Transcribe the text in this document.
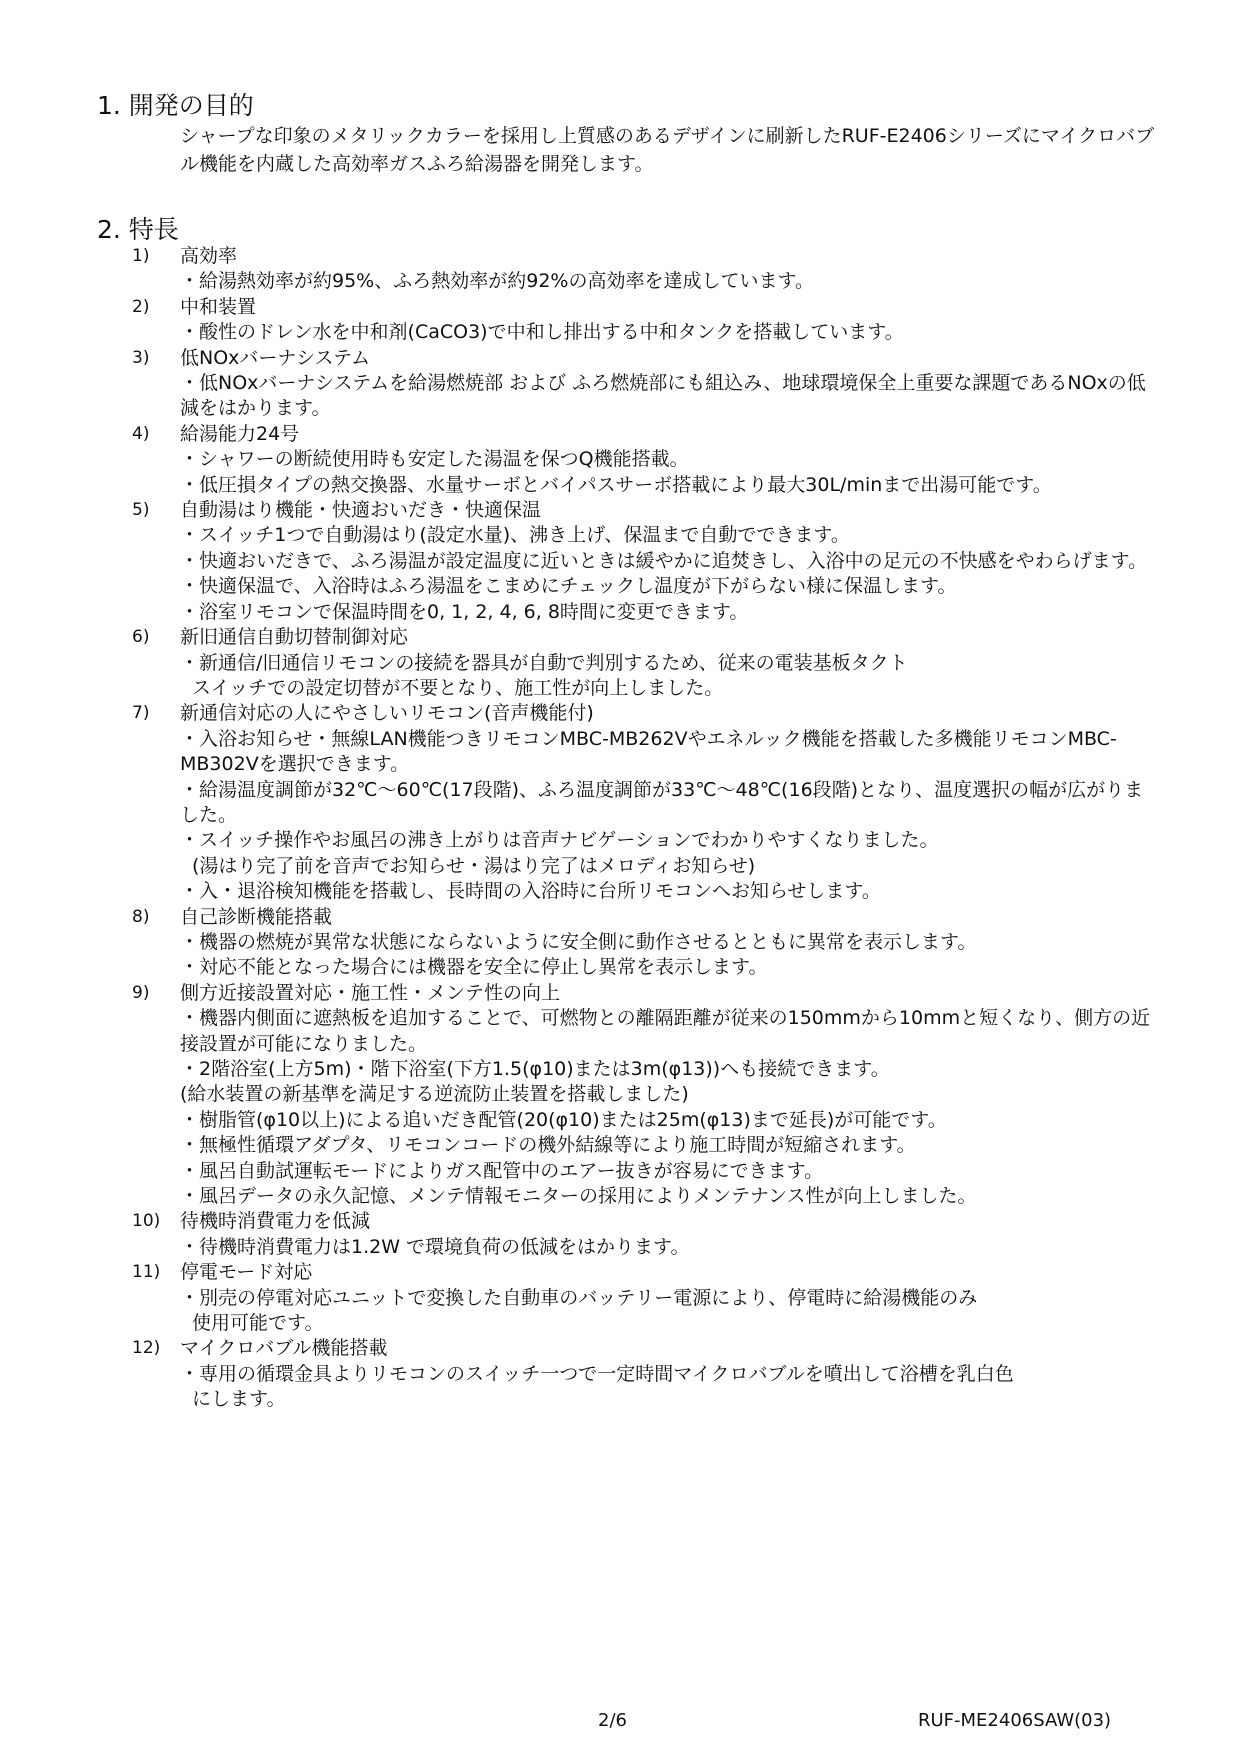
1. 開発の目的

シャープな印象のメタリックカラーを採用し上質感のあるデザインに刷新したRUF-E2406シリーズにマイクロバブル機能を内蔵した高効率ガスふろ給湯器を開発します。

2. 特長
1)	高効率
・給湯熱効率が約95%、ふろ熱効率が約92%の高効率を達成しています。
2)	中和装置
・酸性のドレン水を中和剤(CaCO3)で中和し排出する中和タンクを搭載しています。
3)	低NOxバーナシステム
・低NOxバーナシステムを給湯燃焼部 および ふろ燃焼部にも組込み、地球環境保全上重要な課題であるNOxの低減をはかります。
4)	給湯能力24号
・シャワーの断続使用時も安定した湯温を保つQ機能搭載。
・低圧損タイプの熱交換器、水量サーボとバイパスサーボ搭載により最大30L/minまで出湯可能です。
5)	自動湯はり機能・快適おいだき・快適保温
・スイッチ1つで自動湯はり(設定水量)、沸き上げ、保温まで自動でできます。
・快適おいだきで、ふろ湯温が設定温度に近いときは緩やかに追焚きし、入浴中の足元の不快感をやわらげます。
・快適保温で、入浴時はふろ湯温をこまめにチェックし温度が下がらない様に保温します。
・浴室リモコンで保温時間を0, 1, 2, 4, 6, 8時間に変更できます。
6)	新旧通信自動切替制御対応
・新通信/旧通信リモコンの接続を器具が自動で判別するため、従来の電装基板タクト
スイッチでの設定切替が不要となり、施工性が向上しました。
7)	新通信対応の人にやさしいリモコン(音声機能付)
・入浴お知らせ・無線LAN機能つきリモコンMBC-MB262Vやエネルック機能を搭載した多機能リモコンMBC-MB302Vを選択できます。
・給湯温度調節が32℃～60℃(17段階)、ふろ温度調節が33℃～48℃(16段階)となり、温度選択の幅が広がりました。
・スイッチ操作やお風呂の沸き上がりは音声ナビゲーションでわかりやすくなりました。
(湯はり完了前を音声でお知らせ・湯はり完了はメロディお知らせ)
・入・退浴検知機能を搭載し、長時間の入浴時に台所リモコンへお知らせします。
8)	自己診断機能搭載
・機器の燃焼が異常な状態にならないように安全側に動作させるとともに異常を表示します。
・対応不能となった場合には機器を安全に停止し異常を表示します。
9)	側方近接設置対応・施工性・メンテ性の向上
・機器内側面に遮熱板を追加することで、可燃物との離隔距離が従来の150mmから10mmと短くなり、側方の近接設置が可能になりました。
・2階浴室(上方5m)・階下浴室(下方1.5(φ10)または3m(φ13))へも接続できます。
(給水装置の新基準を満足する逆流防止装置を搭載しました)
・樹脂管(φ10以上)による追いだき配管(20(φ10)または25m(φ13)まで延長)が可能です。
・無極性循環アダプタ、リモコンコードの機外結線等により施工時間が短縮されます。
・風呂自動試運転モードによりガス配管中のエアー抜きが容易にできます。
・風呂データの永久記憶、メンテ情報モニターの採用によりメンテナンス性が向上しました。
10)	待機時消費電力を低減
・待機時消費電力は1.2W で環境負荷の低減をはかります。
11)	停電モード対応
・別売の停電対応ユニットで変換した自動車のバッテリー電源により、停電時に給湯機能のみ
使用可能です。
12)	マイクロバブル機能搭載
・専用の循環金具よりリモコンのスイッチ一つで一定時間マイクロバブルを噴出して浴槽を乳白色
にします。
2/6	RUF-ME2406SAW(03)
